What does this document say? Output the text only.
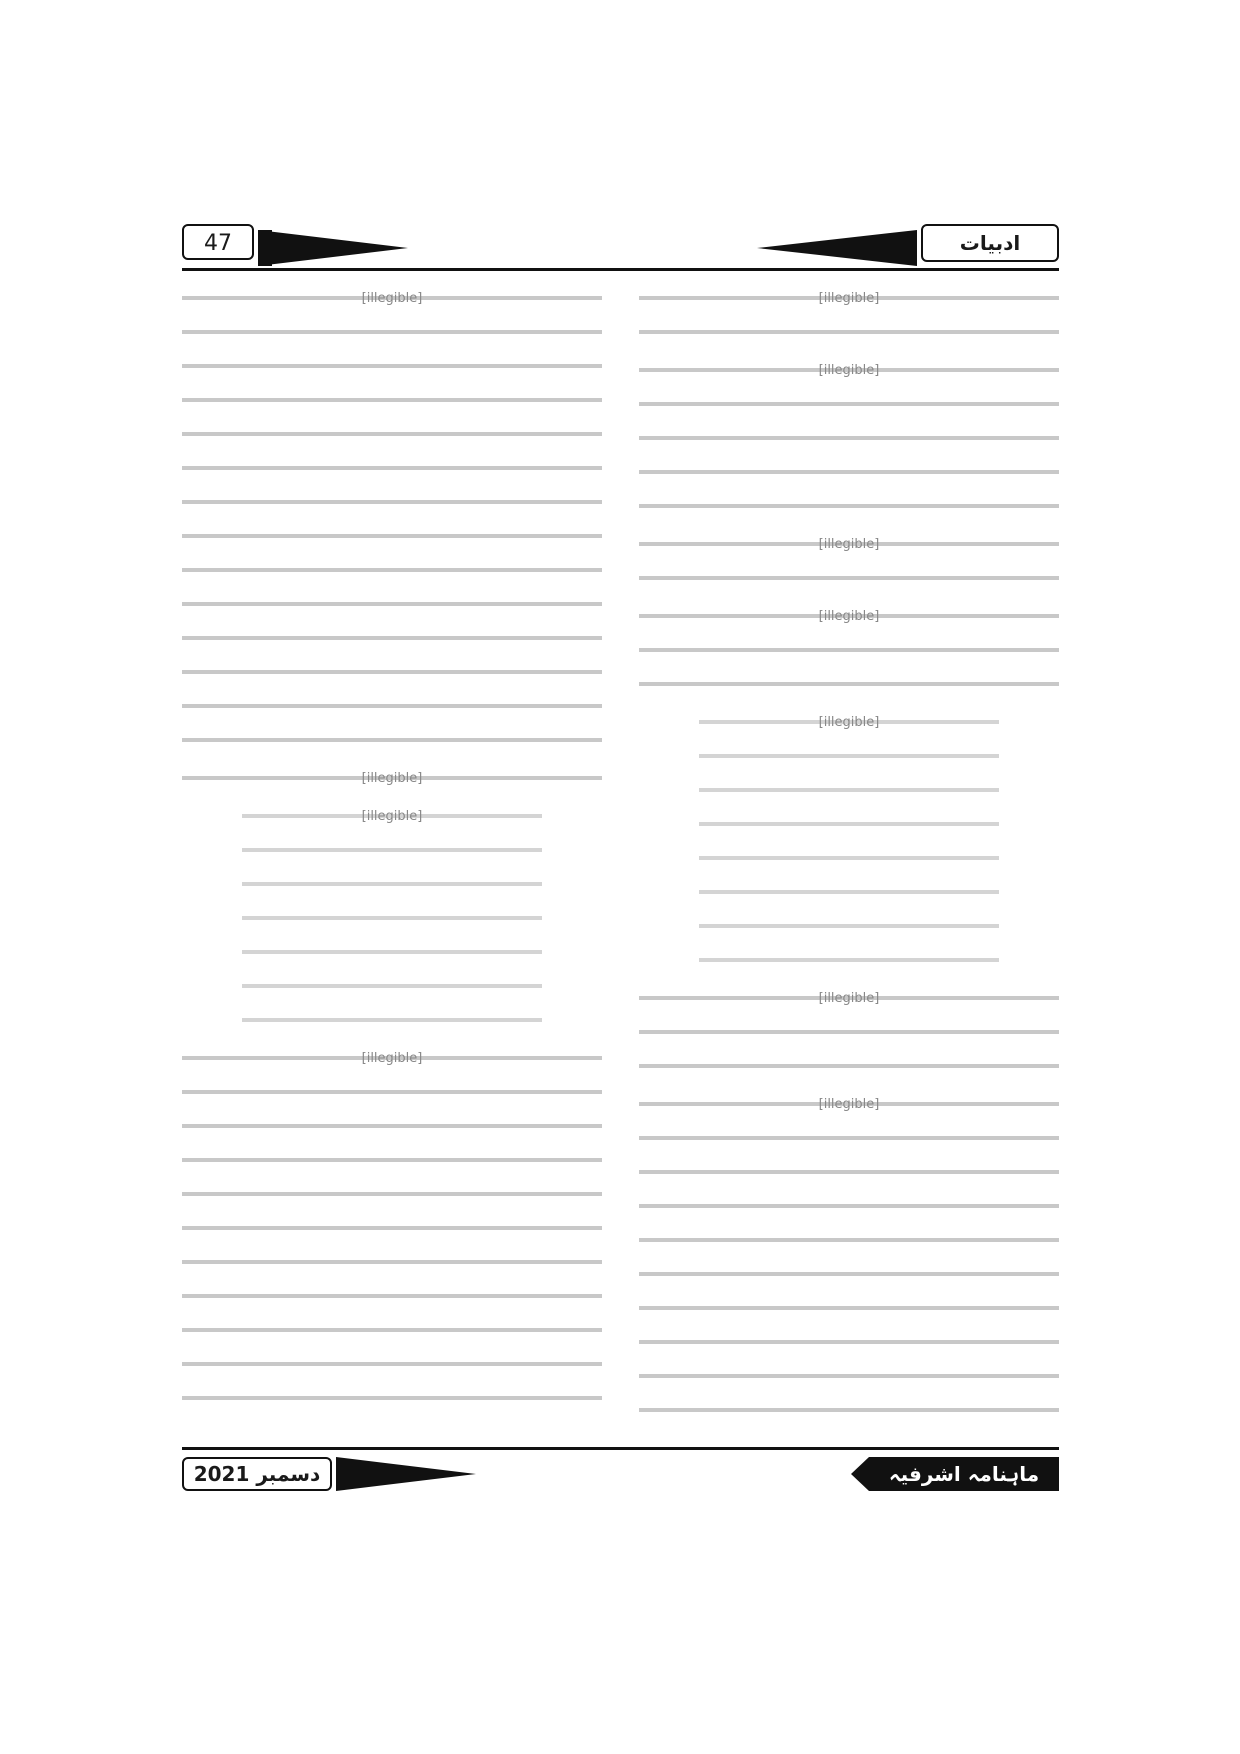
47	ادبیات

[illegible]

[illegible]

[illegible]

[illegible]

[illegible]

[illegible]

[illegible]

[illegible]

[illegible]

[illegible]

[illegible]

دسمبر 2021	ماہنامہ اشرفیہ
